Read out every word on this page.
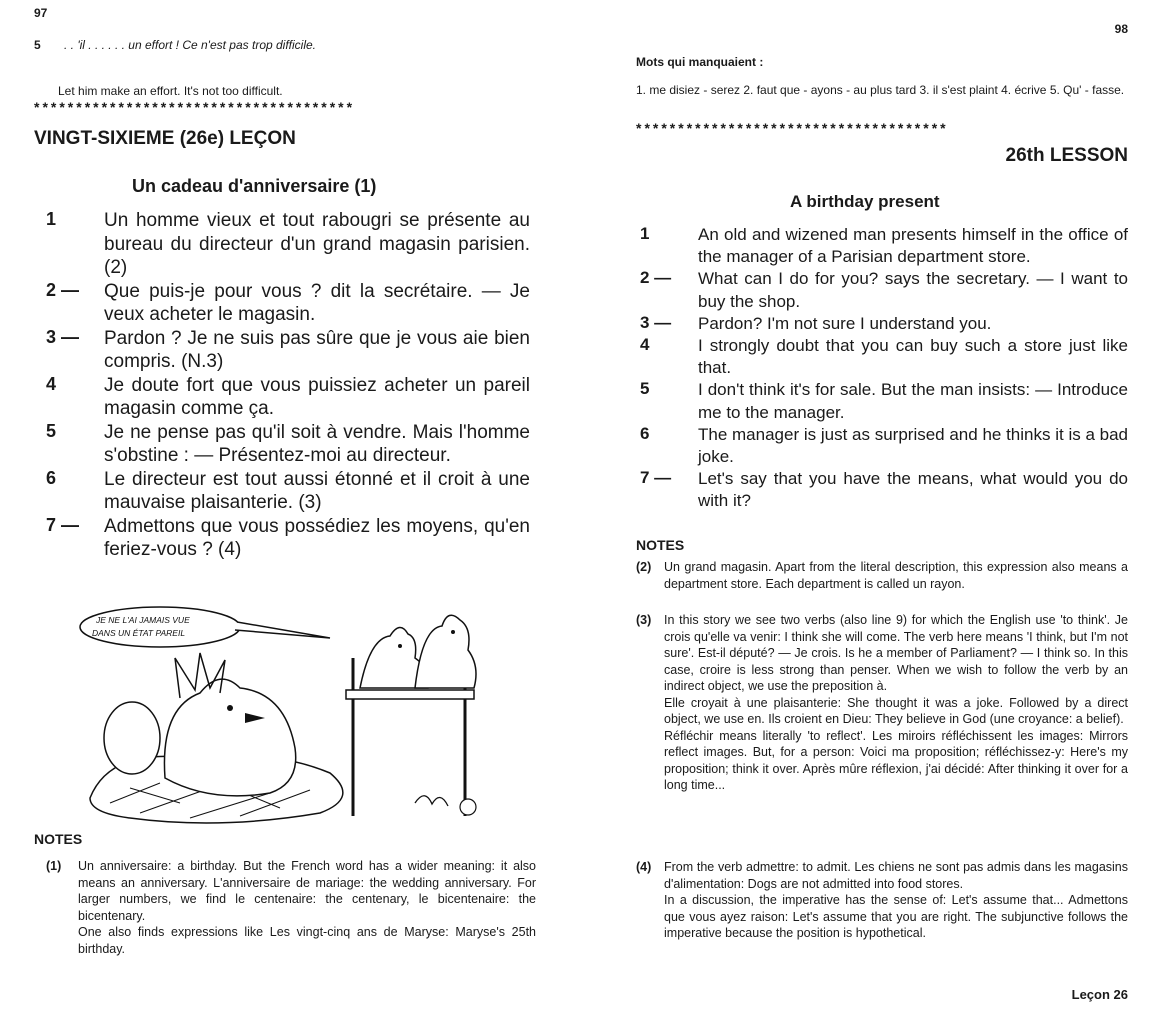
97
5	. . 'il . . . . . . un effort ! Ce n'est pas trop difficile.
Let him make an effort. It's not too difficult.
**************************************
VINGT-SIXIEME (26e) LEÇON
Un cadeau d'anniversaire (1)
1	Un homme vieux et tout rabougri se présente au bureau du directeur d'un grand magasin parisien. (2)
2 —	Que puis-je pour vous ? dit la secrétaire. — Je veux acheter le magasin.
3 —	Pardon ? Je ne suis pas sûre que je vous aie bien compris. (N.3)
4	Je doute fort que vous puissiez acheter un pareil magasin comme ça.
5	Je ne pense pas qu'il soit à vendre. Mais l'homme s'obstine : — Présentez-moi au directeur.
6	Le directeur est tout aussi étonné et il croit à une mauvaise plaisanterie. (3)
7 —	Admettons que vous possédiez les moyens, qu'en feriez-vous ? (4)
JE NE L'AI JAMAIS VUE
DANS UN ÉTAT PAREIL
NOTES
(1)	Un anniversaire: a birthday. But the French word has a wider meaning: it also means an anniversary. L'anniversaire de mariage: the wedding anniversary. For larger numbers, we find le centenaire: the centenary, le bicentenaire: the bicentenary.

One also finds expressions like Les vingt-cinq ans de Maryse: Maryse's 25th birthday.

98
Mots qui manquaient :
1. me disiez - serez 2. faut que - ayons - au plus tard 3. il s'est plaint 4. écrive 5. Qu' - fasse.
*************************************
26th LESSON
A birthday present
1	An old and wizened man presents himself in the office of the manager of a Parisian department store.
2 —	What can I do for you? says the secretary. — I want to buy the shop.
3 —	Pardon? I'm not sure I understand you.
4	I strongly doubt that you can buy such a store just like that.
5	I don't think it's for sale. But the man insists: — Introduce me to the manager.
6	The manager is just as surprised and he thinks it is a bad joke.
7 —	Let's say that you have the means, what would you do with it?
NOTES
(2)	Un grand magasin. Apart from the literal description, this expression also means a department store. Each department is called un rayon.

(3)	In this story we see two verbs (also line 9) for which the English use 'to think'. Je crois qu'elle va venir: I think she will come. The verb here means 'I think, but I'm not sure'. Est-il député? — Je crois. Is he a member of Parliament? — I think so. In this case, croire is less strong than penser. When we wish to follow the verb by an indirect object, we use the preposition à.

Elle croyait à une plaisanterie: She thought it was a joke. Followed by a direct object, we use en. Ils croient en Dieu: They believe in God (une croyance: a belief).

Réfléchir means literally 'to reflect'. Les miroirs réfléchissent les images: Mirrors reflect images. But, for a person: Voici ma proposition; réfléchissez-y: Here's my proposition; think it over. Après mûre réflexion, j'ai décidé: After thinking it over for a long time...

(4)	From the verb admettre: to admit. Les chiens ne sont pas admis dans les magasins d'alimentation: Dogs are not admitted into food stores.

In a discussion, the imperative has the sense of: Let's assume that... Admettons que vous ayez raison: Let's assume that you are right. The subjunctive follows the imperative because the position is hypothetical.

Leçon 26
